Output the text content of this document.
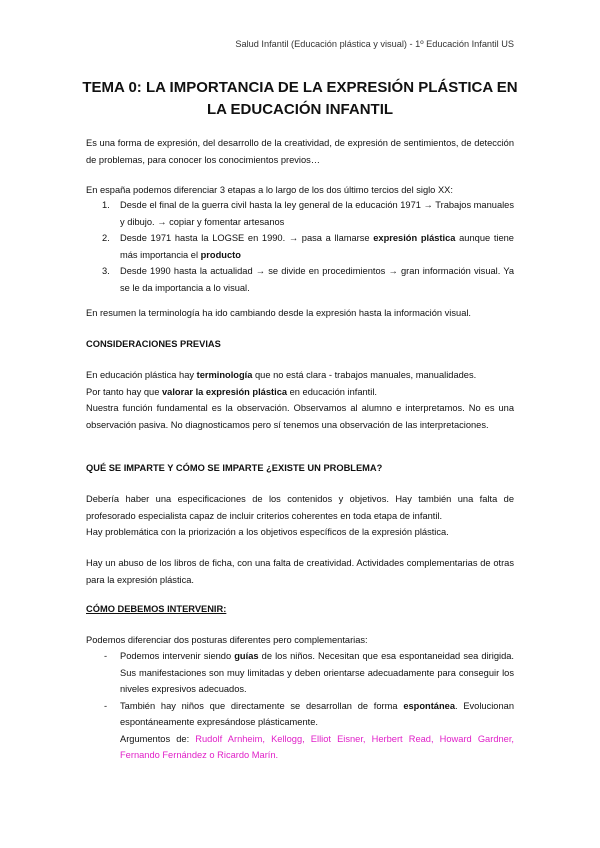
Salud Infantil (Educación plástica y visual) - 1º Educación Infantil US
TEMA 0: LA IMPORTANCIA DE LA EXPRESIÓN PLÁSTICA EN
LA EDUCACIÓN INFANTIL

Es una forma de expresión, del desarrollo de la creatividad, de expresión de sentimientos, de detección de problemas, para conocer los conocimientos previos…

En españa podemos diferenciar 3 etapas a lo largo de los dos último tercios del siglo XX:

1. Desde el final de la guerra civil hasta la ley general de la educación 1971 → Trabajos manuales y dibujo. → copiar y fomentar artesanos
2. Desde 1971 hasta la LOGSE en 1990. → pasa a llamarse expresión plástica aunque tiene más importancia el producto
3. Desde 1990 hasta la actualidad → se divide en procedimientos → gran información visual. Ya se le da importancia a lo visual.

En resumen la terminología ha ido cambiando desde la expresión hasta la información visual.

CONSIDERACIONES PREVIAS

En educación plástica hay terminología que no está clara - trabajos manuales, manualidades.
Por tanto hay que valorar la expresión plástica en educación infantil.
Nuestra función fundamental es la observación. Observamos al alumno e interpretamos. No es una observación pasiva. No diagnosticamos pero sí tenemos una observación de las interpretaciones.

QUÉ SE IMPARTE Y CÓMO SE IMPARTE ¿EXISTE UN PROBLEMA?

Debería haber una especificaciones de los contenidos y objetivos. Hay también una falta de profesorado especialista capaz de incluir criterios coherentes en toda etapa de infantil.
Hay problemática con la priorización a los objetivos específicos de la expresión plástica.

Hay un abuso de los libros de ficha, con una falta de creatividad. Actividades complementarias de otras para la expresión plástica.

CÓMO DEBEMOS INTERVENIR:

Podemos diferenciar dos posturas diferentes pero complementarias:

- Podemos intervenir siendo guías de los niños. Necesitan que esa espontaneidad sea dirigida. Sus manifestaciones son muy limitadas y deben orientarse adecuadamente para conseguir los niveles expresivos adecuados.
- También hay niños que directamente se desarrollan de forma espontánea. Evolucionan espontáneamente expresándose plásticamente.
Argumentos de: Rudolf Arnheim, Kellogg, Elliot Eisner, Herbert Read, Howard Gardner, Fernando Fernández o Ricardo Marín.
